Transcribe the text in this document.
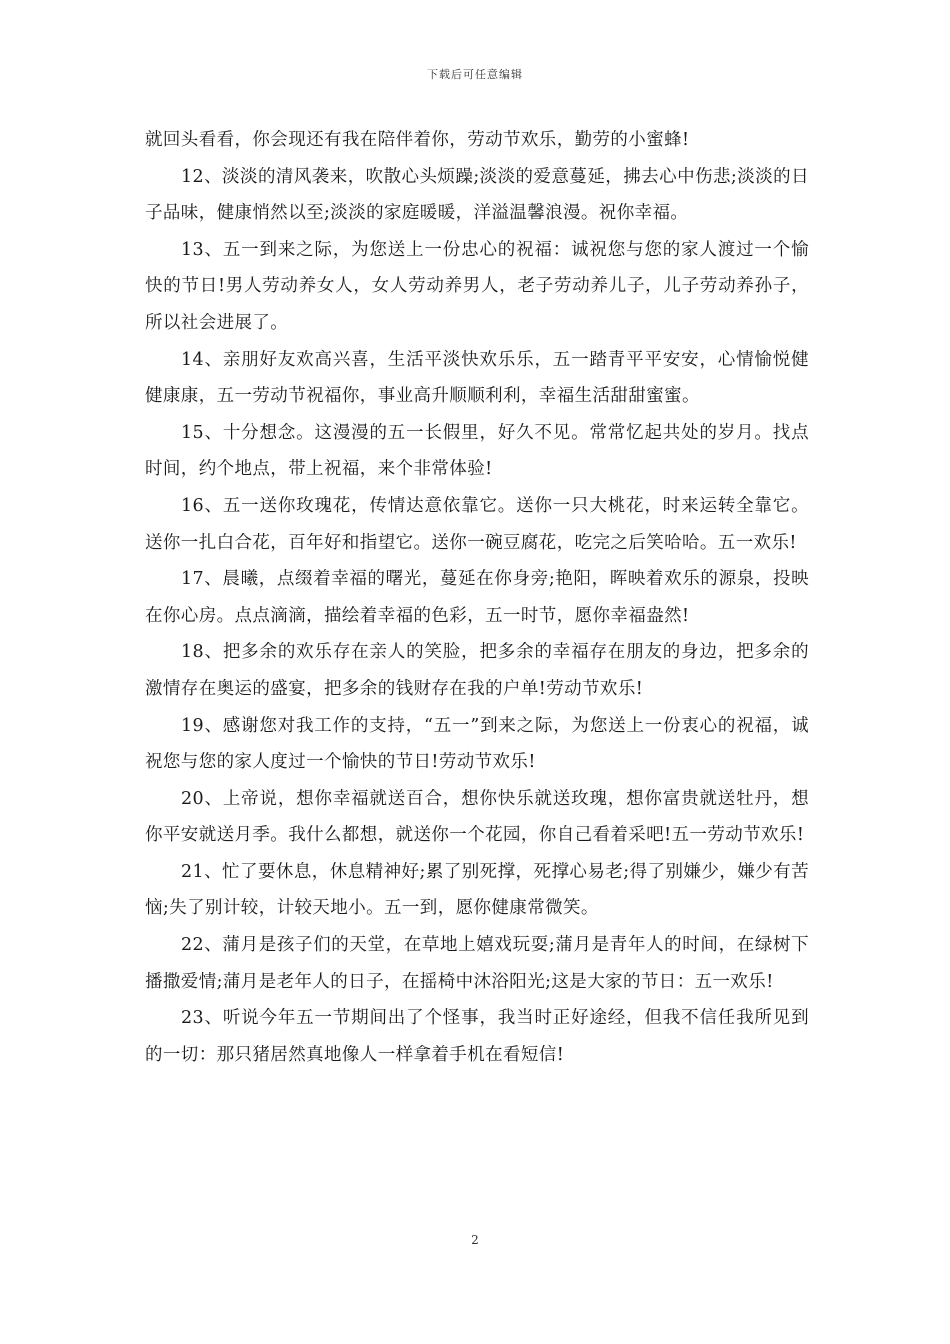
下载后可任意编辑

就回头看看，你会现还有我在陪伴着你，劳动节欢乐，勤劳的小蜜蜂!

12、淡淡的清风袭来，吹散心头烦躁;淡淡的爱意蔓延，拂去心中伤悲;淡淡的日子品味，健康悄然以至;淡淡的家庭暖暖，洋溢温馨浪漫。祝你幸福。

13、五一到来之际，为您送上一份忠心的祝福：诚祝您与您的家人渡过一个愉快的节日!男人劳动养女人，女人劳动养男人，老子劳动养儿子，儿子劳动养孙子，所以社会进展了。

14、亲朋好友欢高兴喜，生活平淡快欢乐乐，五一踏青平平安安，心情愉悦健健康康，五一劳动节祝福你，事业高升顺顺利利，幸福生活甜甜蜜蜜。

15、十分想念。这漫漫的五一长假里，好久不见。常常忆起共处的岁月。找点时间，约个地点，带上祝福，来个非常体验!

16、五一送你玫瑰花，传情达意依靠它。送你一只大桃花，时来运转全靠它。送你一扎白合花，百年好和指望它。送你一碗豆腐花，吃完之后笑哈哈。五一欢乐!

17、晨曦，点缀着幸福的曙光，蔓延在你身旁;艳阳，晖映着欢乐的源泉，投映在你心房。点点滴滴，描绘着幸福的色彩，五一时节，愿你幸福盎然!

18、把多余的欢乐存在亲人的笑脸，把多余的幸福存在朋友的身边，把多余的激情存在奥运的盛宴，把多余的钱财存在我的户单!劳动节欢乐!

19、感谢您对我工作的支持，“五一”到来之际，为您送上一份衷心的祝福，诚祝您与您的家人度过一个愉快的节日!劳动节欢乐!

20、上帝说，想你幸福就送百合，想你快乐就送玫瑰，想你富贵就送牡丹，想你平安就送月季。我什么都想，就送你一个花园，你自己看着采吧!五一劳动节欢乐!

21、忙了要休息，休息精神好;累了别死撑，死撑心易老;得了别嫌少，嫌少有苦恼;失了别计较，计较天地小。五一到，愿你健康常微笑。

22、蒲月是孩子们的天堂，在草地上嬉戏玩耍;蒲月是青年人的时间，在绿树下播撒爱情;蒲月是老年人的日子，在摇椅中沐浴阳光;这是大家的节日：五一欢乐!

23、听说今年五一节期间出了个怪事，我当时正好途经，但我不信任我所见到的一切：那只猪居然真地像人一样拿着手机在看短信!

2
